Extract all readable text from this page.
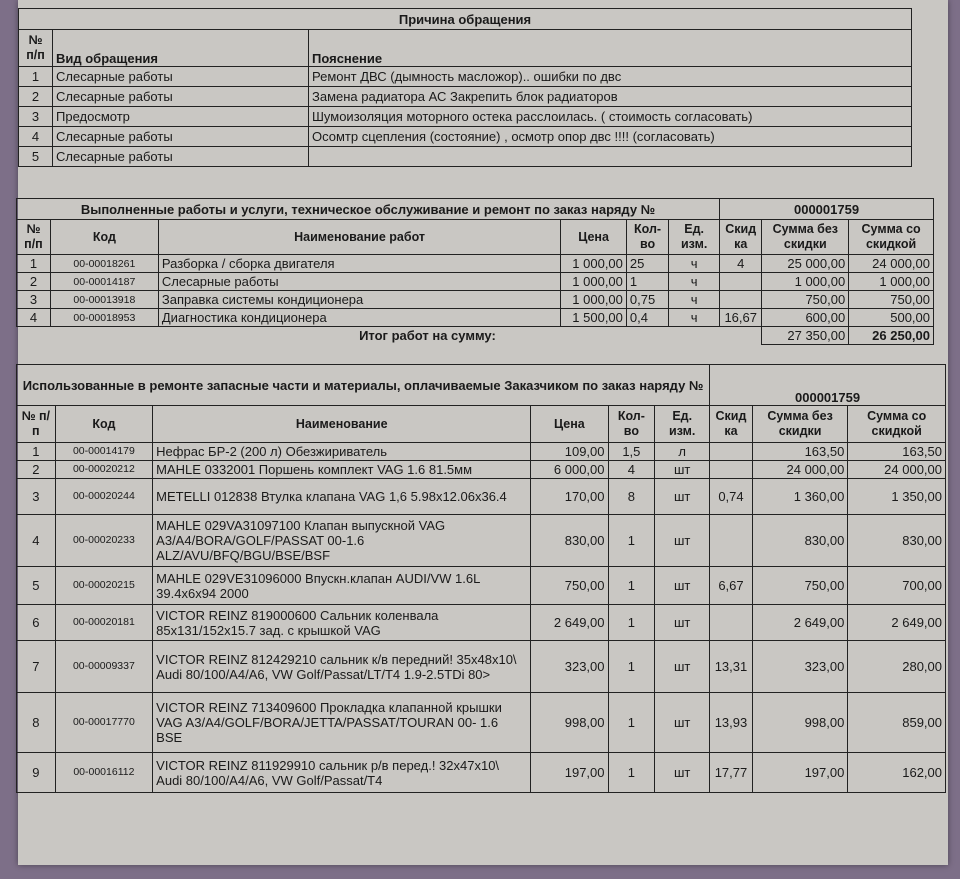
Причина обращения		
№ п/п	Вид обращения	Пояснение
1	Слесарные работы	Ремонт ДВС (дымность масложор).. ошибки по двс
2	Слесарные работы	Замена радиатора АС Закрепить блок радиаторов
3	Предосмотр	Шумоизоляция моторного остека расслоилась. ( стоимость согласовать)
4	Слесарные работы	Осомтр сцепления (состояние) , осмотр опор двс !!!! (согласовать)
5	Слесарные работы	
Выполненные работы и услуги, техническое обслуживание и ремонт по заказ наряду №						000001759		
№ п/п	Код	Наименование работ	Цена	Кол-во	Ед. изм.	Скид ка	Сумма без скидки	Сумма со скидкой
1	00-00018261	Разборка / сборка двигателя	1 000,00	25	ч	4	25 000,00	24 000,00
2	00-00014187	Слесарные работы	1 000,00	1	ч		1 000,00	1 000,00
3	00-00013918	Заправка системы кондиционера	1 000,00	0,75	ч		750,00	750,00
4	00-00018953	Диагностика кондиционера	1 500,00	0,4	ч	16,67	600,00	500,00
Итог работ на сумму:							27 350,00	26 250,00
Использованные в ремонте запасные части и материалы, оплачиваемые Заказчиком по заказ наряду №						000001759		
№ п/п	Код	Наименование	Цена	Кол-во	Ед. изм.	Скид ка	Сумма без скидки	Сумма со скидкой
1	00-00014179	Нефрас БР-2 (200 л) Обезжириватель	109,00	1,5	л		163,50	163,50
2	00-00020212	MAHLE 0332001 Поршень комплект VAG 1.6 81.5мм	6 000,00	4	шт		24 000,00	24 000,00
3	00-00020244	METELLI 012838 Втулка клапана VAG 1,6 5.98x12.06x36.4	170,00	8	шт	0,74	1 360,00	1 350,00
4	00-00020233	MAHLE 029VA31097100 Клапан выпускной VAG A3/A4/BORA/GOLF/PASSAT 00-1.6 ALZ/AVU/BFQ/BGU/BSE/BSF	830,00	1	шт		830,00	830,00
5	00-00020215	MAHLE 029VE31096000 Впускн.клапан AUDI/VW 1.6L 39.4x6x94 2000	750,00	1	шт	6,67	750,00	700,00
6	00-00020181	VICTOR REINZ 819000600 Сальник коленвала 85x131/152x15.7 зад. с крышкой VAG	2 649,00	1	шт		2 649,00	2 649,00
7	00-00009337	VICTOR REINZ 812429210 сальник к/в передний! 35x48x10\ Audi 80/100/A4/A6, VW Golf/Passat/LT/T4 1.9-2.5TDi 80>	323,00	1	шт	13,31	323,00	280,00
8	00-00017770	VICTOR REINZ 713409600 Прокладка клапанной крышки VAG A3/A4/GOLF/BORA/JETTA/PASSAT/TOURAN 00- 1.6 BSE	998,00	1	шт	13,93	998,00	859,00
9	00-00016112	VICTOR REINZ 811929910 сальник р/в перед.! 32x47x10\ Audi 80/100/A4/A6, VW Golf/Passat/T4	197,00	1	шт	17,77	197,00	162,00
